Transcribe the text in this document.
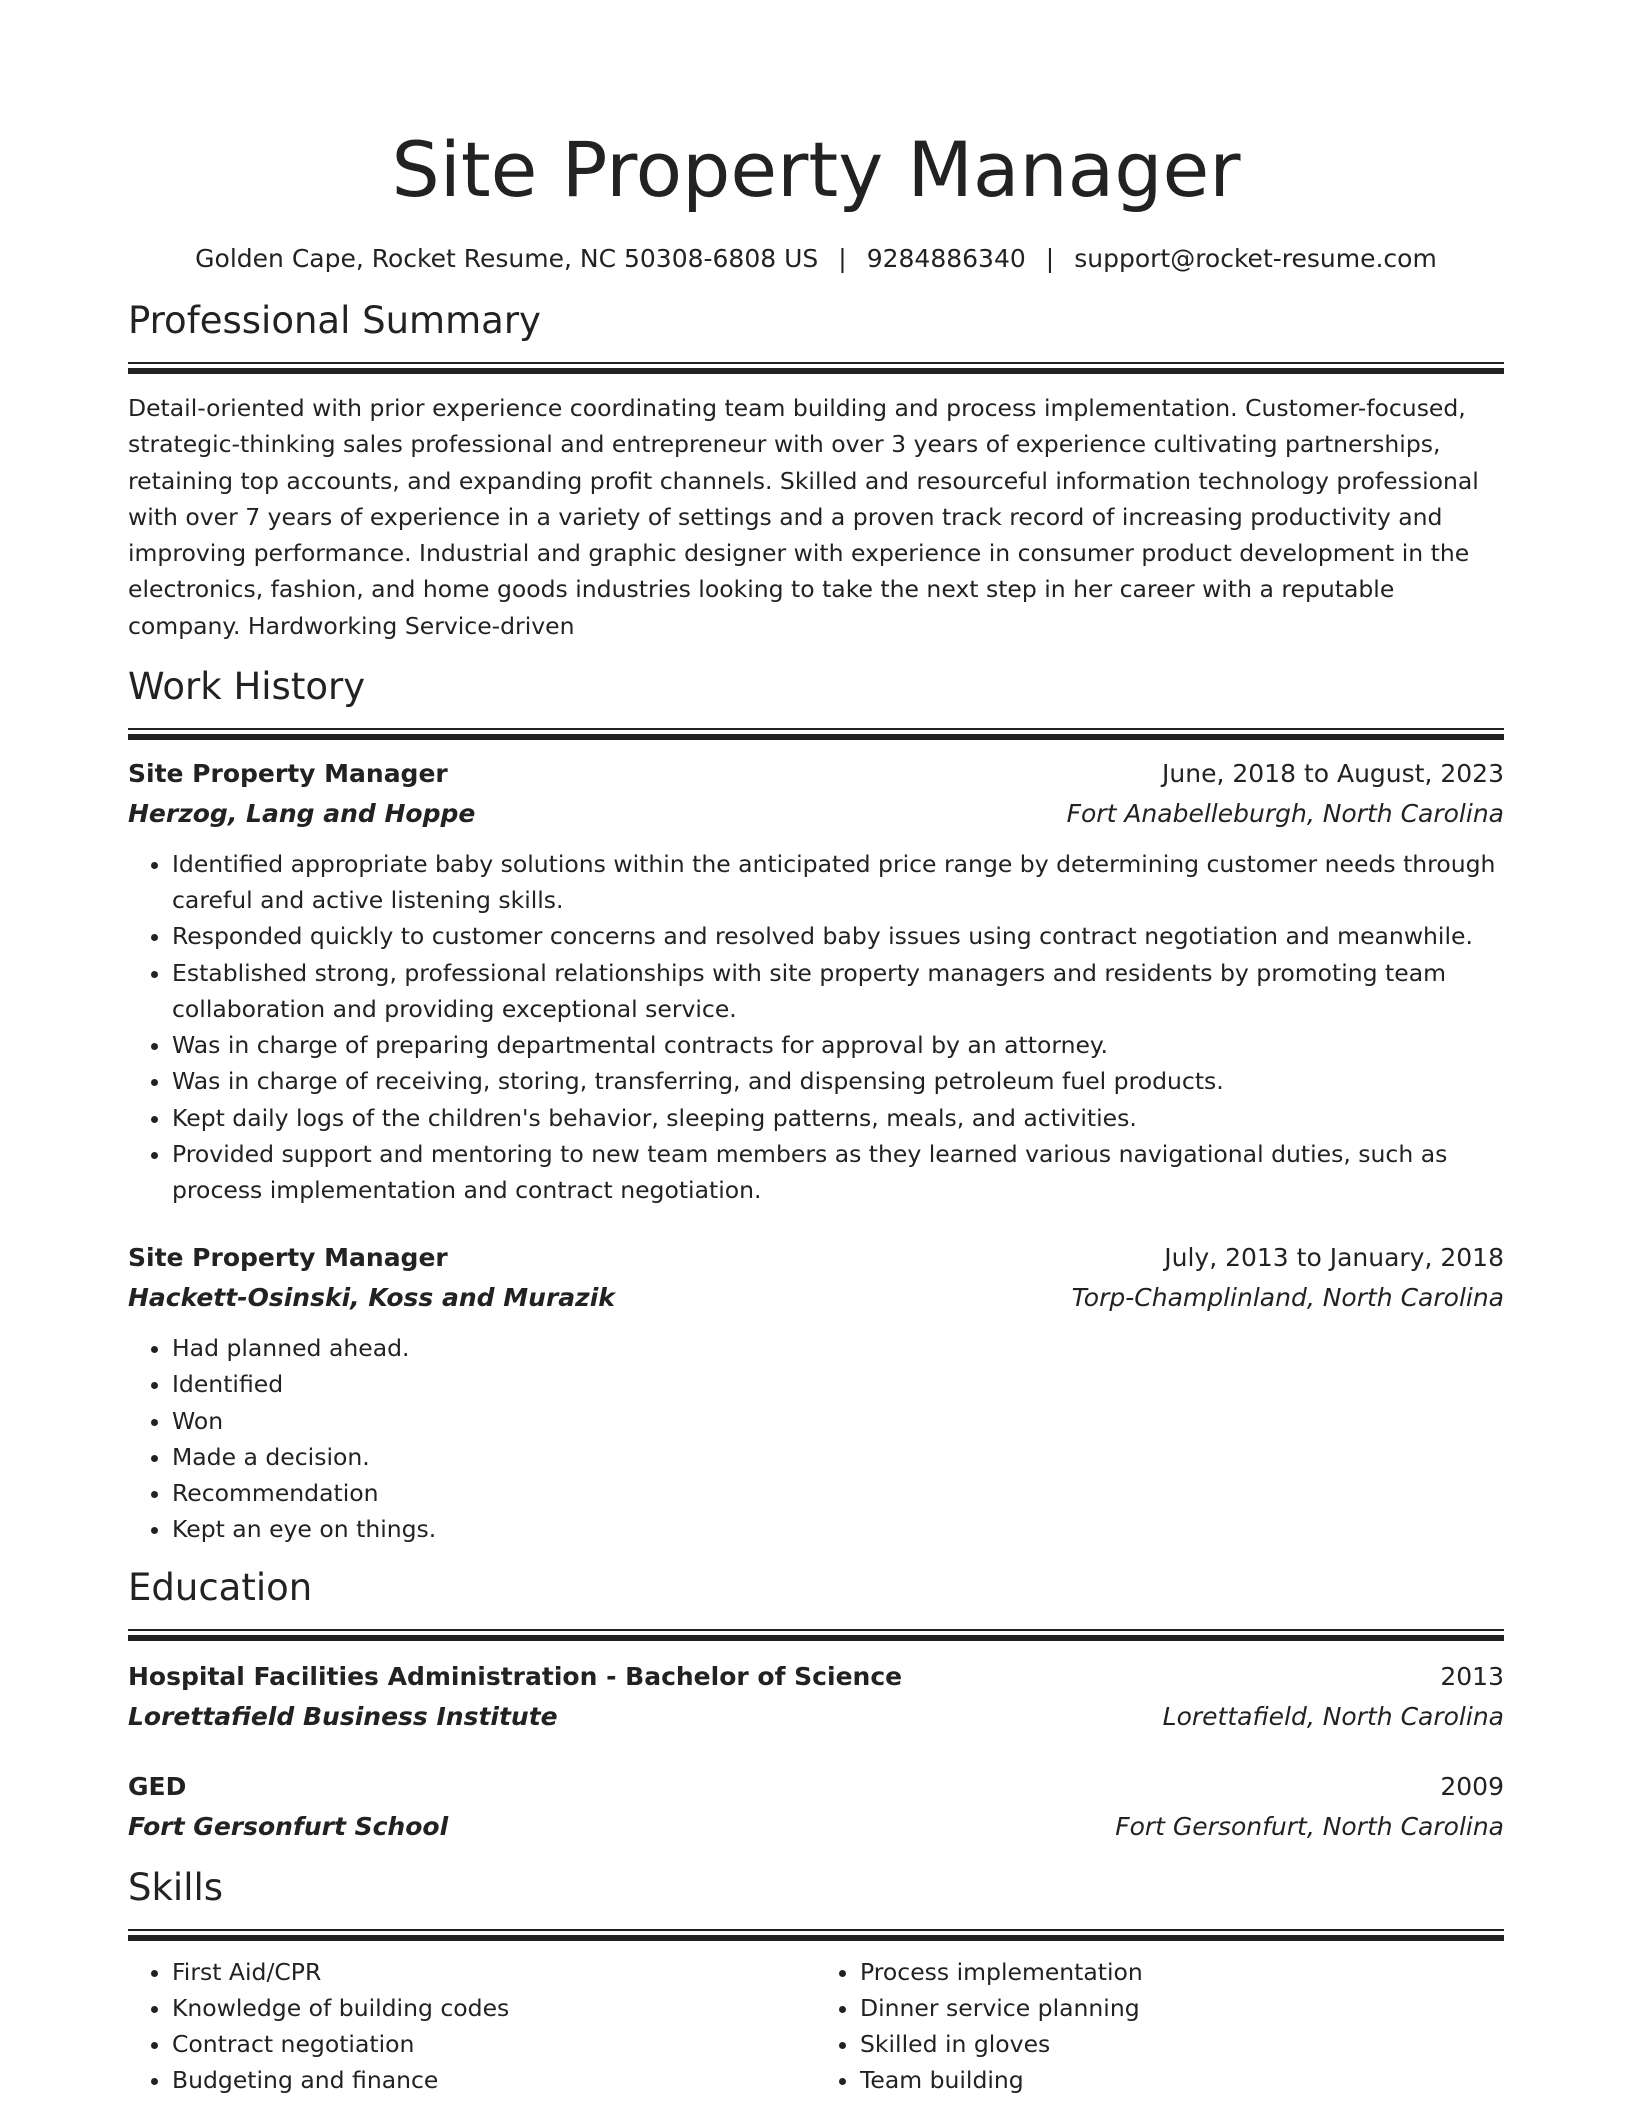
Site Property Manager
Golden Cape, Rocket Resume, NC 50308-6808 US | 9284886340 | support@rocket-resume.com
Professional Summary
Detail-oriented with prior experience coordinating team building and process implementation. Customer-focused, strategic-thinking sales professional and entrepreneur with over 3 years of experience cultivating partnerships, retaining top accounts, and expanding profit channels. Skilled and resourceful information technology professional with over 7 years of experience in a variety of settings and a proven track record of increasing productivity and improving performance. Industrial and graphic designer with experience in consumer product development in the electronics, fashion, and home goods industries looking to take the next step in her career with a reputable company. Hardworking Service-driven
Work History
Site Property Manager	June, 2018 to August, 2023
Herzog, Lang and Hoppe	Fort Anabelleburgh, North Carolina
• Identified appropriate baby solutions within the anticipated price range by determining customer needs through careful and active listening skills.
• Responded quickly to customer concerns and resolved baby issues using contract negotiation and meanwhile.
• Established strong, professional relationships with site property managers and residents by promoting team collaboration and providing exceptional service.
• Was in charge of preparing departmental contracts for approval by an attorney.
• Was in charge of receiving, storing, transferring, and dispensing petroleum fuel products.
• Kept daily logs of the children's behavior, sleeping patterns, meals, and activities.
• Provided support and mentoring to new team members as they learned various navigational duties, such as process implementation and contract negotiation.
Site Property Manager	July, 2013 to January, 2018
Hackett-Osinski, Koss and Murazik	Torp-Champlinland, North Carolina
• Had planned ahead.
• Identified
• Won
• Made a decision.
• Recommendation
• Kept an eye on things.
Education
Hospital Facilities Administration - Bachelor of Science	2013
Lorettafield Business Institute	Lorettafield, North Carolina
GED	2009
Fort Gersonfurt School	Fort Gersonfurt, North Carolina
Skills
• First Aid/CPR
• Knowledge of building codes
• Contract negotiation
• Budgeting and finance
• Process implementation
• Dinner service planning
• Skilled in gloves
• Team building
